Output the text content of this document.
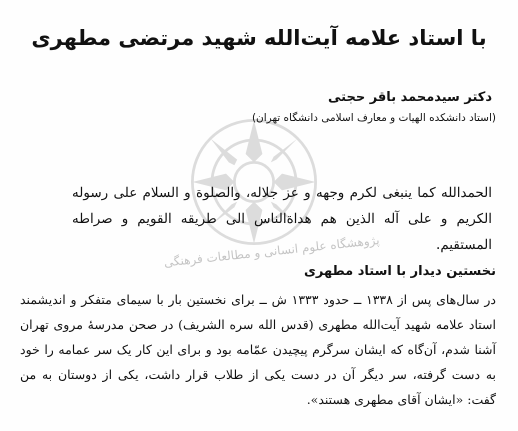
با استاد علامه آیت‌الله شهید مرتضی مطهری
دکتر سیدمحمد باقر حجتی
(استاد دانشکده الهیات و معارف اسلامی دانشگاه تهران)
پژوهشگاه علوم انسانی و مطالعات فرهنگی
الحمدالله کما ینبغی لکرم وجهه و عز جلاله، والصلوة و السلام علی رسوله الکریم و علی آله الذین هم هداةالناس الی طریقه القویم و صراطه المستقیم.
نخستین دیدار با استاد مطهری
در سال‌های پس از ۱۳۳۸ ــ حدود ۱۳۳۳ ش ــ برای نخستین بار با سیمای متفکر و اندیشمند استاد علامه شهید آیت‌الله مطهری (قدس الله سره الشریف) در صحن مدرسهٔ مروی تهران آشنا شدم، آن‌گاه که ایشان سرگرم پیچیدن عمّامه بود و برای این کار یک سر عمامه را خود به دست گرفته، سر دیگر آن در دست یکی از طلاب قرار داشت، یکی از دوستان به من گفت: «ایشان آقای مطهری هستند».
